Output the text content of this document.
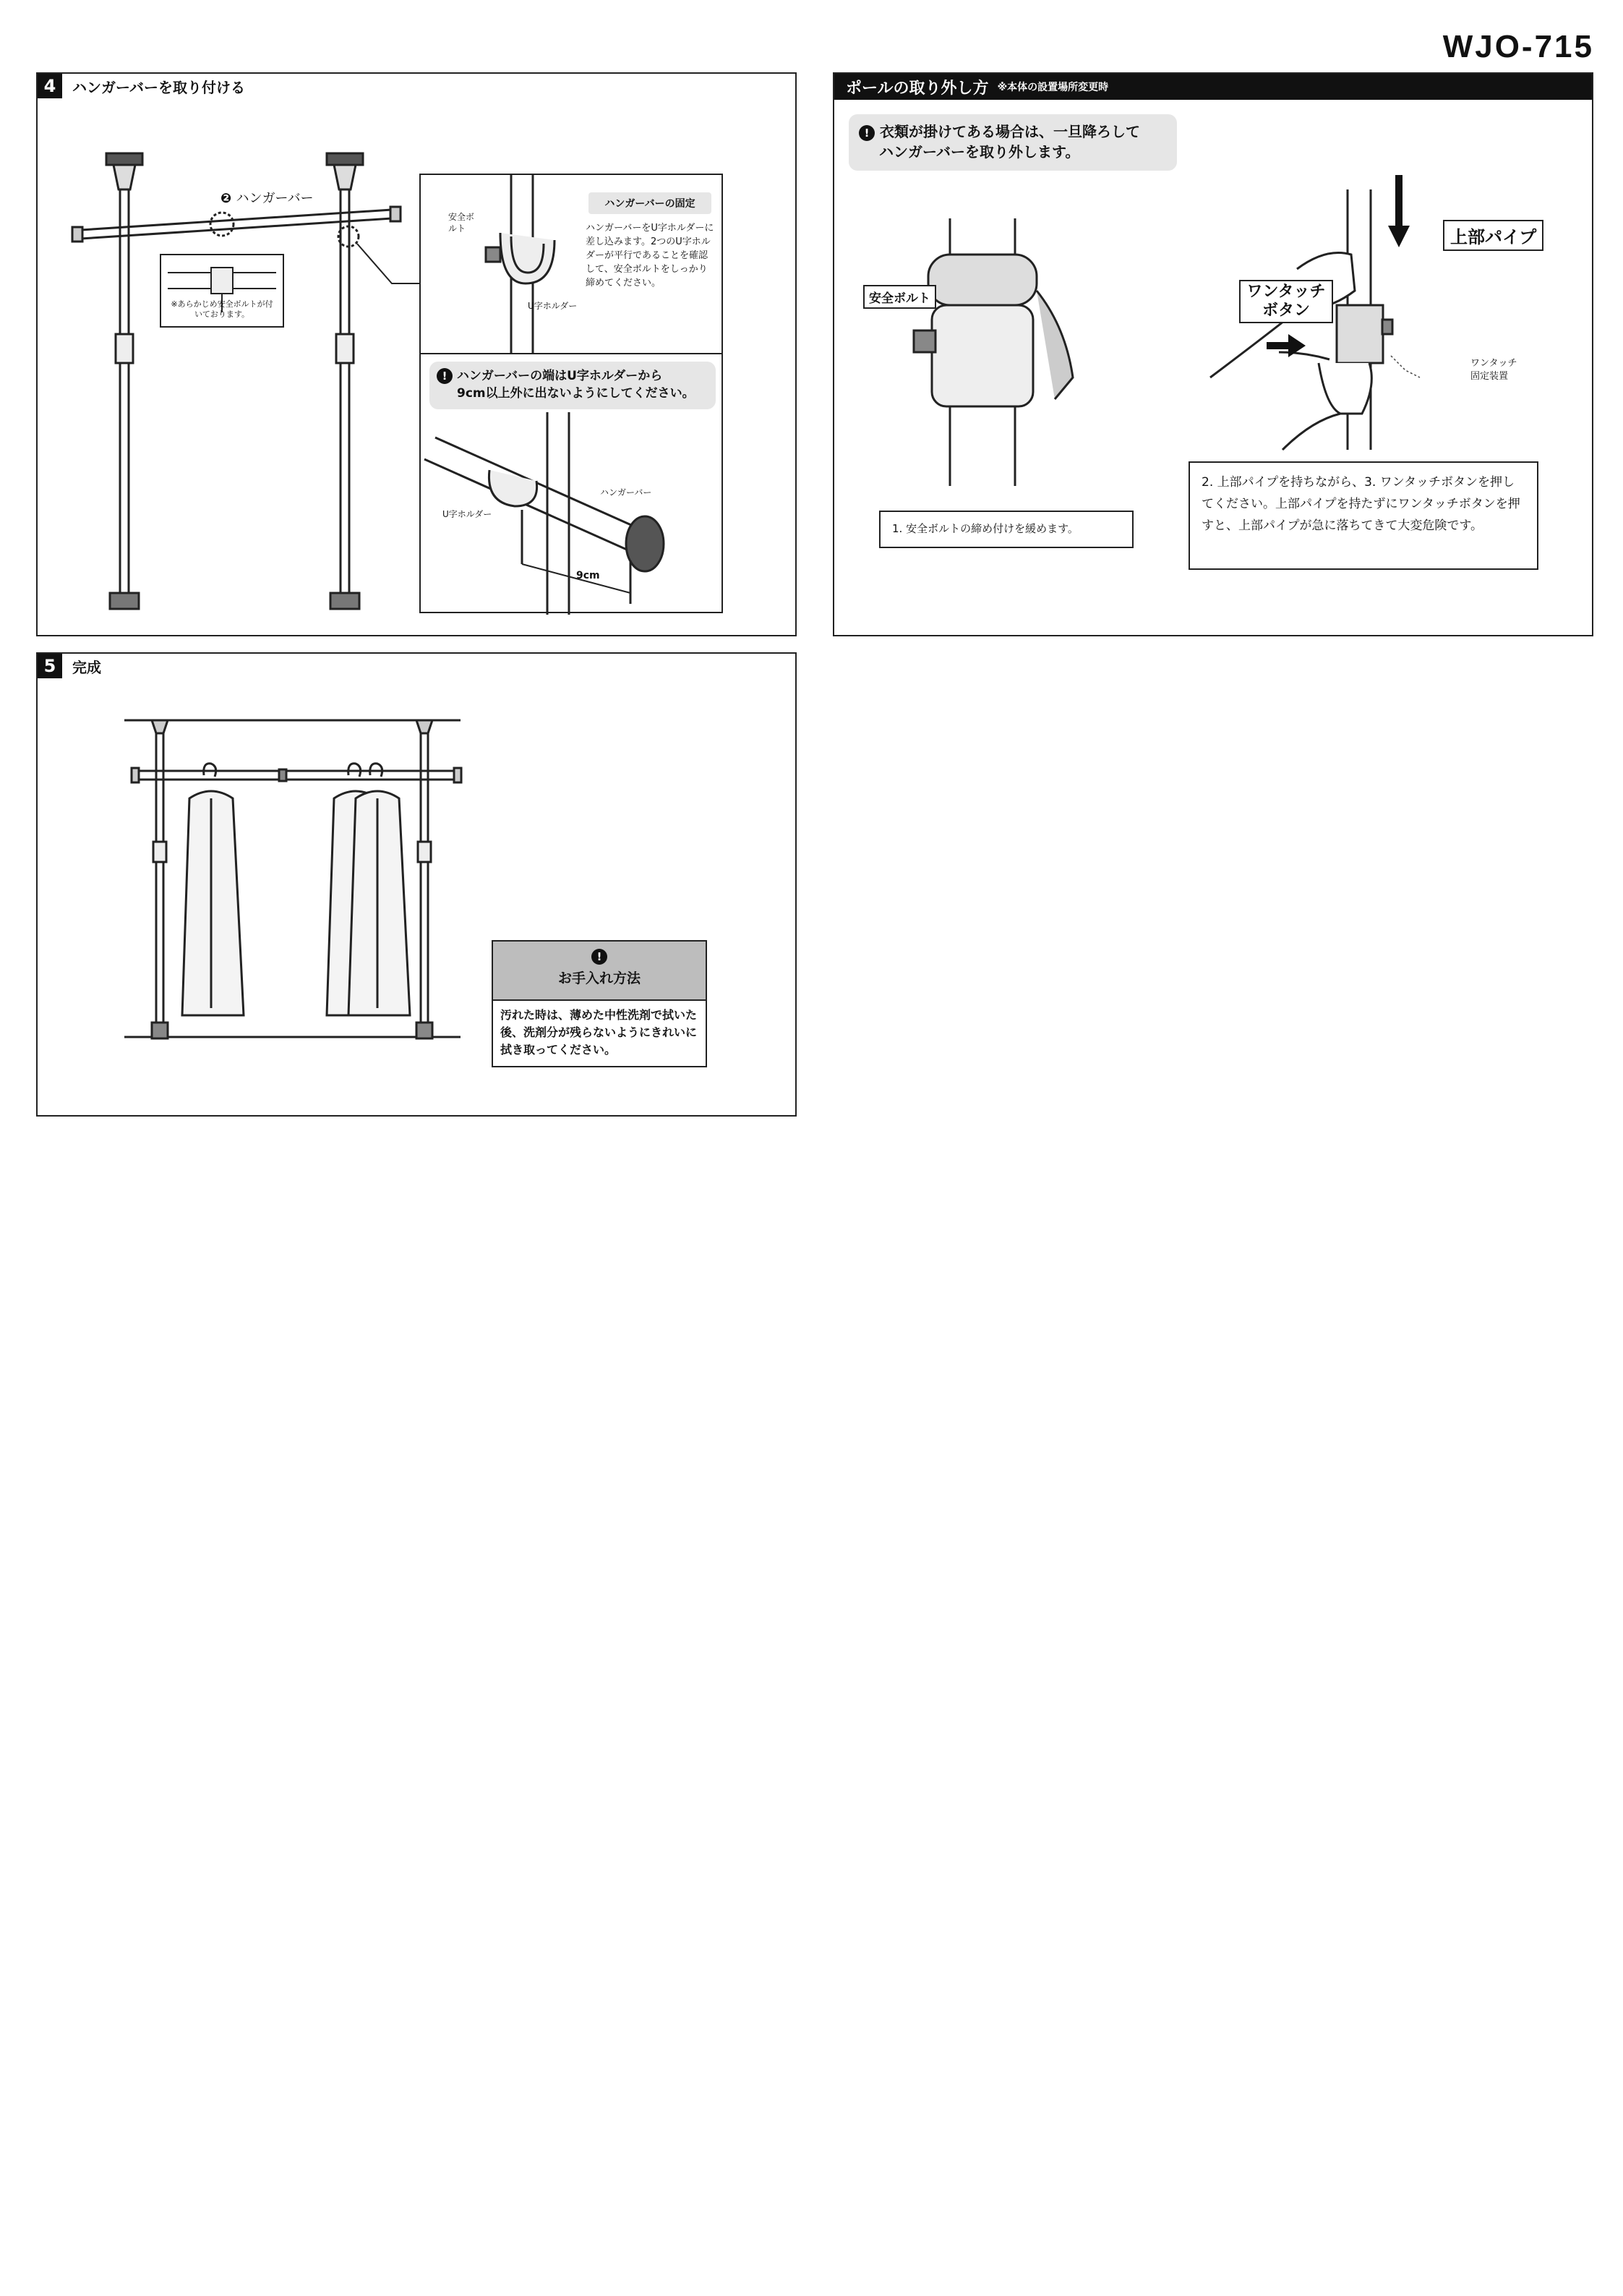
WJO-715
4	ハンガーバーを取り付ける
❷ ハンガーバー
※あらかじめ安全ボルトが付いております。
安全ボルト
U字ホルダー
ハンガーバーの固定
ハンガーバーをU字ホルダーに差し込みます。2つのU字ホルダーが平行であることを確認して、安全ボルトをしっかり締めてください。
! ハンガーバーの端はU字ホルダーから
9cm以上外に出ないようにしてください。
ハンガーバー
U字ホルダー
9cm
ポールの取り外し方 ※本体の設置場所変更時
! 衣類が掛けてある場合は、一旦降ろして
ハンガーバーを取り外します。
安全ボルト
1. 安全ボルトの締め付けを緩めます。
上部パイプ
ワンタッチ
ボタン
ワンタッチ
固定装置
2. 上部パイプを持ちながら、3. ワンタッチボタンを押してください。上部パイプを持たずにワンタッチボタンを押すと、上部パイプが急に落ちてきて大変危険です。
5	完成
!
お手入れ方法
汚れた時は、薄めた中性洗剤で拭いた後、洗剤分が残らないようにきれいに拭き取ってください。
